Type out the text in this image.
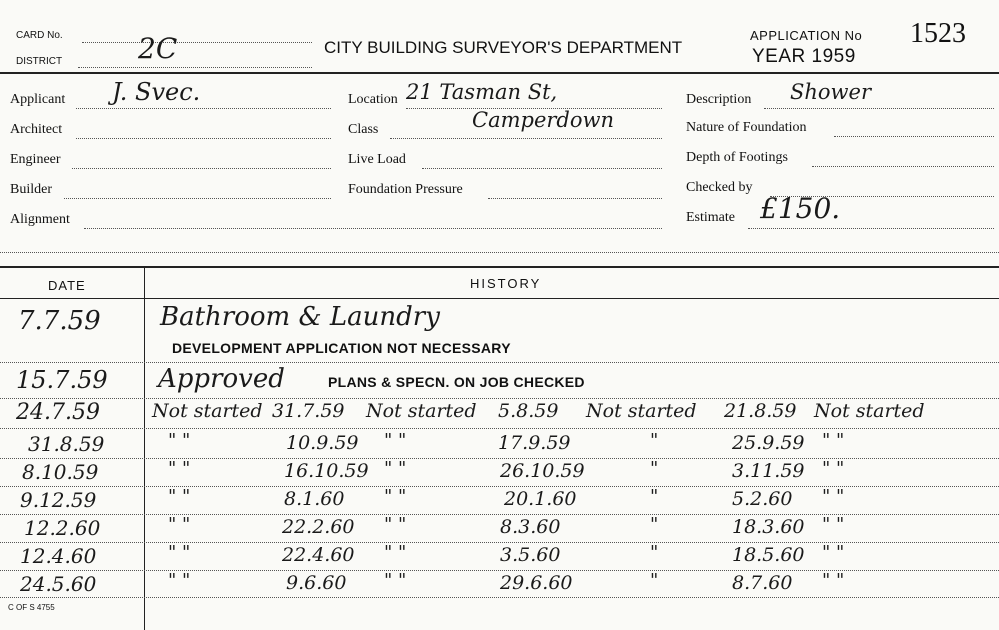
CARD No.
DISTRICT	2C	CITY BUILDING SURVEYOR'S DEPARTMENT
APPLICATION No 1523
YEAR 1959
Applicant J. Svec.
Architect
Engineer
Builder
Alignment
Location 21 Tasman St,
Class	Camperdown
Live Load
Foundation Pressure
Description Shower
Nature of Foundation
Depth of Footings
Checked by
Estimate £150.
DATE	HISTORY
7.7.59 Bathroom & Laundry
DEVELOPMENT APPLICATION NOT NECESSARY
15.7.59 Approved	PLANS & SPECN. ON JOB CHECKED
24.7.59	Not started 31.7.59 Not started 5.8.59 Not started 21.8.59 Not started
31.8.59	" "	10.9.59 " "	17.9.59	"	25.9.59 " "
8.10.59	" "	16.10.59 " "	26.10.59	"	3.11.59 " "
9.12.59	" "	8.1.60 " "	20.1.60	"	5.2.60 " "
12.2.60	" "	22.2.60 " "	8.3.60	"	18.3.60 " "
12.4.60	" "	22.4.60 " "	3.5.60	"	18.5.60 " "
24.5.60	" "	9.6.60 " "	29.6.60	"	8.7.60 " "
C OF S 4755
